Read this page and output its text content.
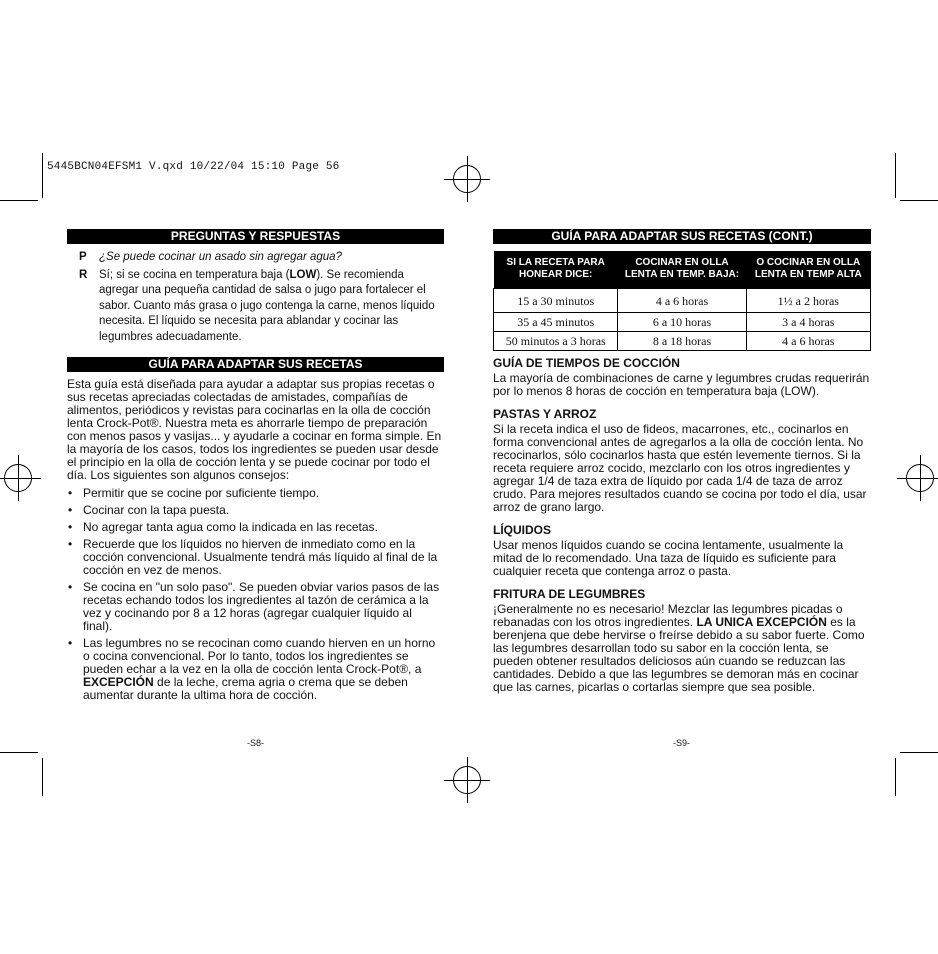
5445BCN04EFSM1 V.qxd 10/22/04 15:10 Page 56
PREGUNTAS Y RESPUESTAS
P	¿Se puede cocinar un asado sin agregar agua?
R	Sí; si se cocina en temperatura baja (LOW). Se recomienda agregar una pequeña cantidad de salsa o jugo para fortalecer el sabor. Cuanto más grasa o jugo contenga la carne, menos líquido necesita. El líquido se necesita para ablandar y cocinar las legumbres adecuadamente.
GUÍA PARA ADAPTAR SUS RECETAS

Esta guía está diseñada para ayudar a adaptar sus propias recetas o sus recetas apreciadas colectadas de amistades, compañías de alimentos, periódicos y revistas para cocinarlas en la olla de cocción lenta Crock-Pot®. Nuestra meta es ahorrarle tiempo de preparación con menos pasos y vasijas... y ayudarle a cocinar en forma simple. En la mayoría de los casos, todos los ingredientes se pueden usar desde el principio en la olla de cocción lenta y se puede cocinar por todo el día. Los siguientes son algunos consejos:

• Permitir que se cocine por suficiente tiempo.
• Cocinar con la tapa puesta.
• No agregar tanta agua como la indicada en las recetas.
• Recuerde que los líquidos no hierven de inmediato como en la cocción convencional. Usualmente tendrá más líquido al final de la cocción en vez de menos.
• Se cocina en "un solo paso". Se pueden obviar varios pasos de las recetas echando todos los ingredientes al tazón de cerámica a la vez y cocinando por 8 a 12 horas (agregar cualquier líquido al final).
• Las legumbres no se recocinan como cuando hierven en un horno o cocina convencional. Por lo tanto, todos los ingredientes se pueden echar a la vez en la olla de cocción lenta Crock-Pot®, a EXCEPCIÓN de la leche, crema agria o crema que se deben aumentar durante la ultima hora de cocción.
-S8-
GUÍA PARA ADAPTAR SUS RECETAS (CONT.)
SI LA RECETA PARA HONEAR DICE:	COCINAR EN OLLA LENTA EN TEMP. BAJA:	O COCINAR EN OLLA LENTA EN TEMP ALTA
15 a 30 minutos	4 a 6 horas	1½ a 2 horas
35 a 45 minutos	6 a 10 horas	3 a 4 horas
50 minutos a 3 horas	8 a 18 horas	4 a 6 horas
GUÍA DE TIEMPOS DE COCCIÓN

La mayoría de combinaciones de carne y legumbres crudas requerirán por lo menos 8 horas de cocción en temperatura baja (LOW).

PASTAS Y ARROZ

Si la receta indica el uso de fideos, macarrones, etc., cocinarlos en forma convencional antes de agregarlos a la olla de cocción lenta. No recocinarlos, sólo cocinarlos hasta que estén levemente tiernos. Si la receta requiere arroz cocido, mezclarlo con los otros ingredientes y agregar 1/4 de taza extra de líquido por cada 1/4 de taza de arroz crudo. Para mejores resultados cuando se cocina por todo el día, usar arroz de grano largo.

LÍQUIDOS

Usar menos líquidos cuando se cocina lentamente, usualmente la mitad de lo recomendado. Una taza de líquido es suficiente para cualquier receta que contenga arroz o pasta.

FRITURA DE LEGUMBRES

¡Generalmente no es necesario! Mezclar las legumbres picadas o rebanadas con los otros ingredientes. LA UNICA EXCEPCIÓN es la berenjena que debe hervirse o freírse debido a su sabor fuerte. Como las legumbres desarrollan todo su sabor en la cocción lenta, se pueden obtener resultados deliciosos aún cuando se reduzcan las cantidades. Debido a que las legumbres se demoran más en cocinar que las carnes, picarlas o cortarlas siempre que sea posible.

-S9-
